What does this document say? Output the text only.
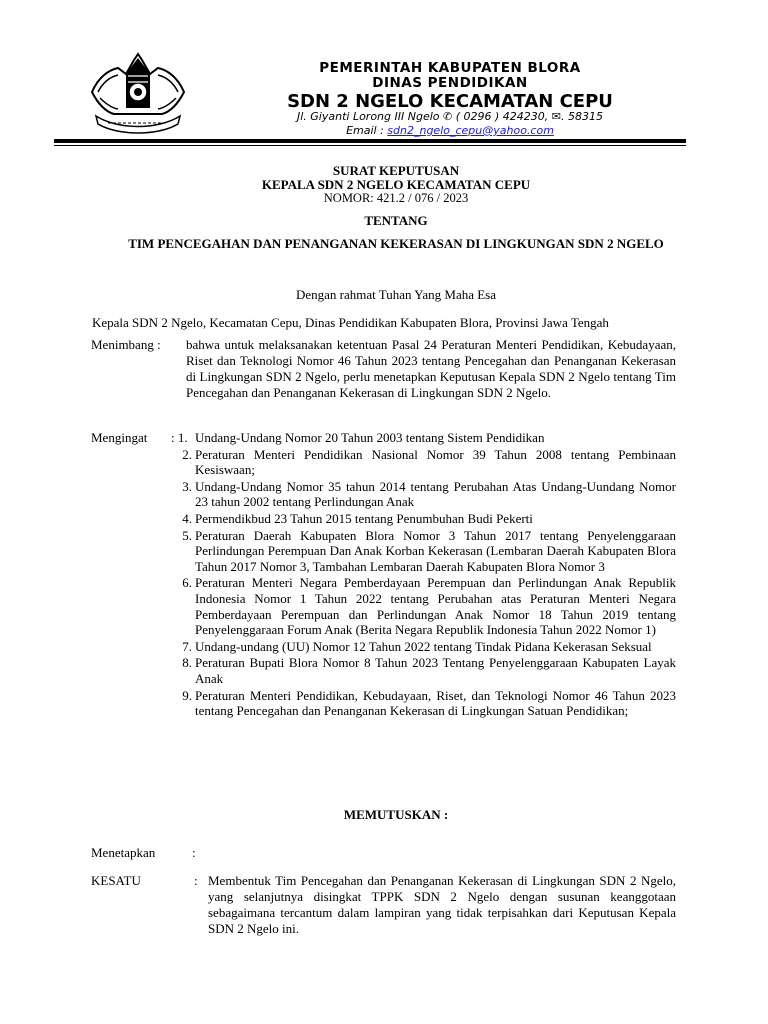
PEMERINTAH KABUPATEN BLORA
DINAS PENDIDIKAN
SDN 2 NGELO KECAMATAN CEPU
Jl. Giyanti Lorong III Ngelo ✆ ( 0296 ) 424230, ✉. 58315
Email : sdn2_ngelo_cepu@yahoo.com
SURAT KEPUTUSAN
KEPALA SDN 2 NGELO KECAMATAN CEPU
NOMOR: 421.2 / 076 / 2023
TENTANG
TIM PENCEGAHAN DAN PENANGANAN KEKERASAN DI LINGKUNGAN SDN 2 NGELO
Dengan rahmat Tuhan Yang Maha Esa
Kepala SDN 2 Ngelo, Kecamatan Cepu, Dinas Pendidikan Kabupaten Blora, Provinsi Jawa Tengah
Menimbang : bahwa untuk melaksanakan ketentuan Pasal 24 Peraturan Menteri Pendidikan, Kebudayaan, Riset dan Teknologi Nomor 46 Tahun 2023 tentang Pencegahan dan Penanganan Kekerasan di Lingkungan SDN 2 Ngelo, perlu menetapkan Keputusan Kepala SDN 2 Ngelo tentang Tim Pencegahan dan Penanganan Kekerasan di Lingkungan SDN 2 Ngelo.
Mengingat : 1. Undang-Undang Nomor 20 Tahun 2003 tentang Sistem Pendidikan
2. Peraturan Menteri Pendidikan Nasional Nomor 39 Tahun 2008 tentang Pembinaan Kesiswaan;
3. Undang-Undang Nomor 35 tahun 2014 tentang Perubahan Atas Undang-Uundang Nomor 23 tahun 2002 tentang Perlindungan Anak
4. Permendikbud 23 Tahun 2015 tentang Penumbuhan Budi Pekerti
5. Peraturan Daerah Kabupaten Blora Nomor 3 Tahun 2017 tentang Penyelenggaraan Perlindungan Perempuan Dan Anak Korban Kekerasan (Lembaran Daerah Kabupaten Blora Tahun 2017 Nomor 3, Tambahan Lembaran Daerah Kabupaten Blora Nomor 3
6. Peraturan Menteri Negara Pemberdayaan Perempuan dan Perlindungan Anak Republik Indonesia Nomor 1 Tahun 2022 tentang Perubahan atas Peraturan Menteri Negara Pemberdayaan Perempuan dan Perlindungan Anak Nomor 18 Tahun 2019 tentang Penyelenggaraan Forum Anak (Berita Negara Republik Indonesia Tahun 2022 Nomor 1)
7. Undang-undang (UU) Nomor 12 Tahun 2022 tentang Tindak Pidana Kekerasan Seksual
8. Peraturan Bupati Blora Nomor 8 Tahun 2023 Tentang Penyelenggaraan Kabupaten Layak Anak
9. Peraturan Menteri Pendidikan, Kebudayaan, Riset, dan Teknologi Nomor 46 Tahun 2023 tentang Pencegahan dan Penanganan Kekerasan di Lingkungan Satuan Pendidikan;
MEMUTUSKAN :
Menetapkan	:
KESATU	: Membentuk Tim Pencegahan dan Penanganan Kekerasan di Lingkungan SDN 2 Ngelo, yang selanjutnya disingkat TPPK SDN 2 Ngelo dengan susunan keanggotaan sebagaimana tercantum dalam lampiran yang tidak terpisahkan dari Keputusan Kepala SDN 2 Ngelo ini.
